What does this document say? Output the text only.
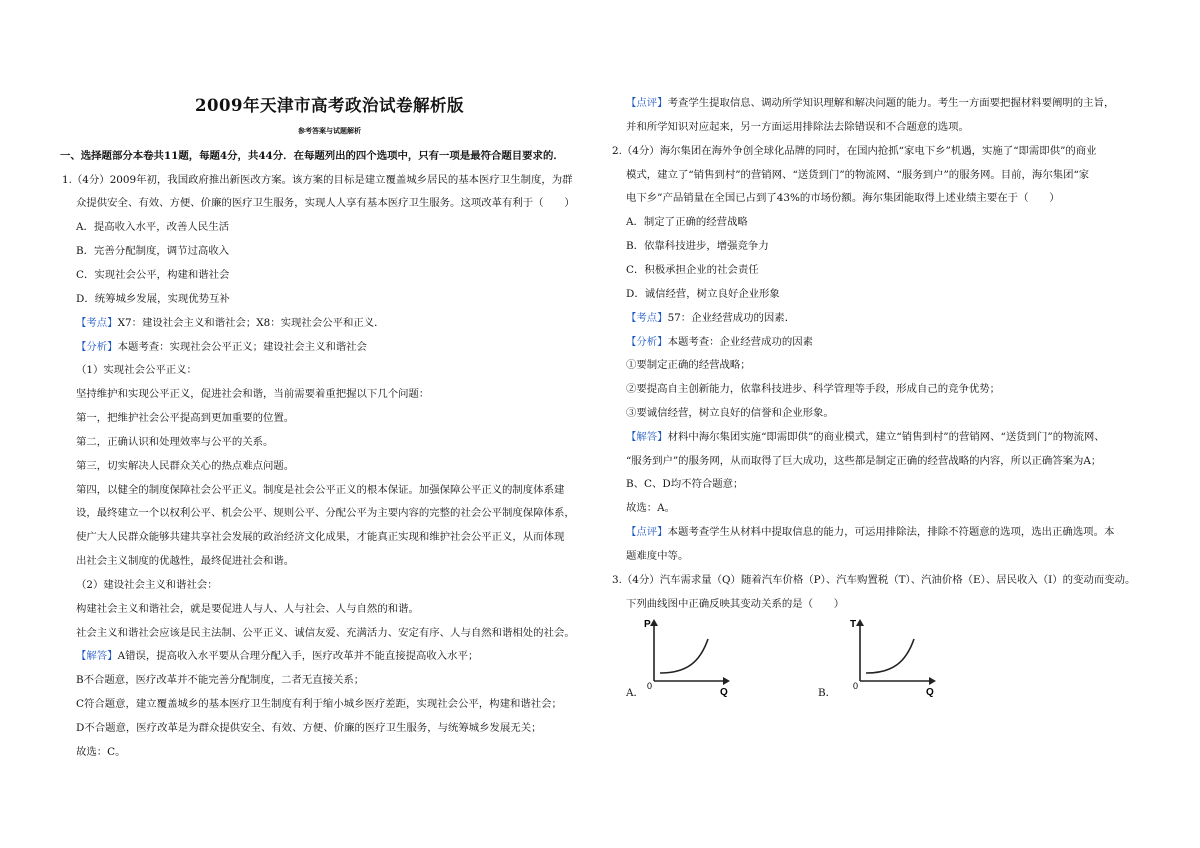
2009年天津市高考政治试卷解析版
参考答案与试题解析
一、选择题部分本卷共11题，每题4分，共44分．在每题列出的四个选项中，只有一项是最符合题目要求的．
1.（4分）2009年初，我国政府推出新医改方案。该方案的目标是建立覆盖城乡居民的基本医疗卫生制度，为群
众提供安全、有效、方便、价廉的医疗卫生服务，实现人人享有基本医疗卫生服务。这项改革有利于（　　）
A．提高收入水平，改善人民生活
B．完善分配制度，调节过高收入
C．实现社会公平，构建和谐社会
D．统筹城乡发展，实现优势互补
【考点】X7：建设社会主义和谐社会；X8：实现社会公平和正义．
【分析】本题考查：实现社会公平正义；建设社会主义和谐社会
（1）实现社会公平正义：
坚持维护和实现公平正义，促进社会和谐，当前需要着重把握以下几个问题：
第一，把维护社会公平提高到更加重要的位置。
第二，正确认识和处理效率与公平的关系。
第三，切实解决人民群众关心的热点难点问题。
第四，以健全的制度保障社会公平正义。制度是社会公平正义的根本保证。加强保障公平正义的制度体系建
设，最终建立一个以权利公平、机会公平、规则公平、分配公平为主要内容的完整的社会公平制度保障体系，
使广大人民群众能够共建共享社会发展的政治经济文化成果，才能真正实现和维护社会公平正义，从而体现
出社会主义制度的优越性，最终促进社会和谐。
（2）建设社会主义和谐社会：
构建社会主义和谐社会，就是要促进人与人、人与社会、人与自然的和谐。
社会主义和谐社会应该是民主法制、公平正义、诚信友爱、充满活力、安定有序、人与自然和谐相处的社会。
【解答】A错误，提高收入水平要从合理分配入手，医疗改革并不能直接提高收入水平；
B不合题意，医疗改革并不能完善分配制度，二者无直接关系；
C符合题意，建立覆盖城乡的基本医疗卫生制度有利于缩小城乡医疗差距，实现社会公平，构建和谐社会；
D不合题意，医疗改革是为群众提供安全、有效、方便、价廉的医疗卫生服务，与统筹城乡发展无关；
故选：C。
【点评】考查学生提取信息、调动所学知识理解和解决问题的能力。考生一方面要把握材料要阐明的主旨，
并和所学知识对应起来，另一方面运用排除法去除错误和不合题意的选项。
2.（4分）海尔集团在海外争创全球化品牌的同时，在国内抢抓“家电下乡”机遇，实施了“即需即供”的商业
模式，建立了“销售到村”的营销网、“送货到门”的物流网、“服务到户”的服务网。目前，海尔集团“家
电下乡”产品销量在全国已占到了43%的市场份额。海尔集团能取得上述业绩主要在于（　　）
A．制定了正确的经营战略
B．依靠科技进步，增强竞争力
C．积极承担企业的社会责任
D．诚信经营，树立良好企业形象
【考点】57：企业经营成功的因素．
【分析】本题考查：企业经营成功的因素
①要制定正确的经营战略；
②要提高自主创新能力，依靠科技进步、科学管理等手段，形成自己的竞争优势；
③要诚信经营，树立良好的信誉和企业形象。
【解答】材料中海尔集团实施“即需即供”的商业模式，建立“销售到村”的营销网、“送货到门”的物流网、
“服务到户”的服务网，从而取得了巨大成功，这些都是制定正确的经营战略的内容，所以正确答案为A；
B、C、D均不符合题意；
故选：A。
【点评】本题考查学生从材料中提取信息的能力，可运用排除法，排除不符题意的选项，选出正确选项。本
题难度中等。
3.（4分）汽车需求量（Q）随着汽车价格（P）、汽车购置税（T）、汽油价格（E）、居民收入（I）的变动而变动。
下列曲线图中正确反映其变动关系的是（　　）
A．
P
0
Q	B．
T
0
Q
